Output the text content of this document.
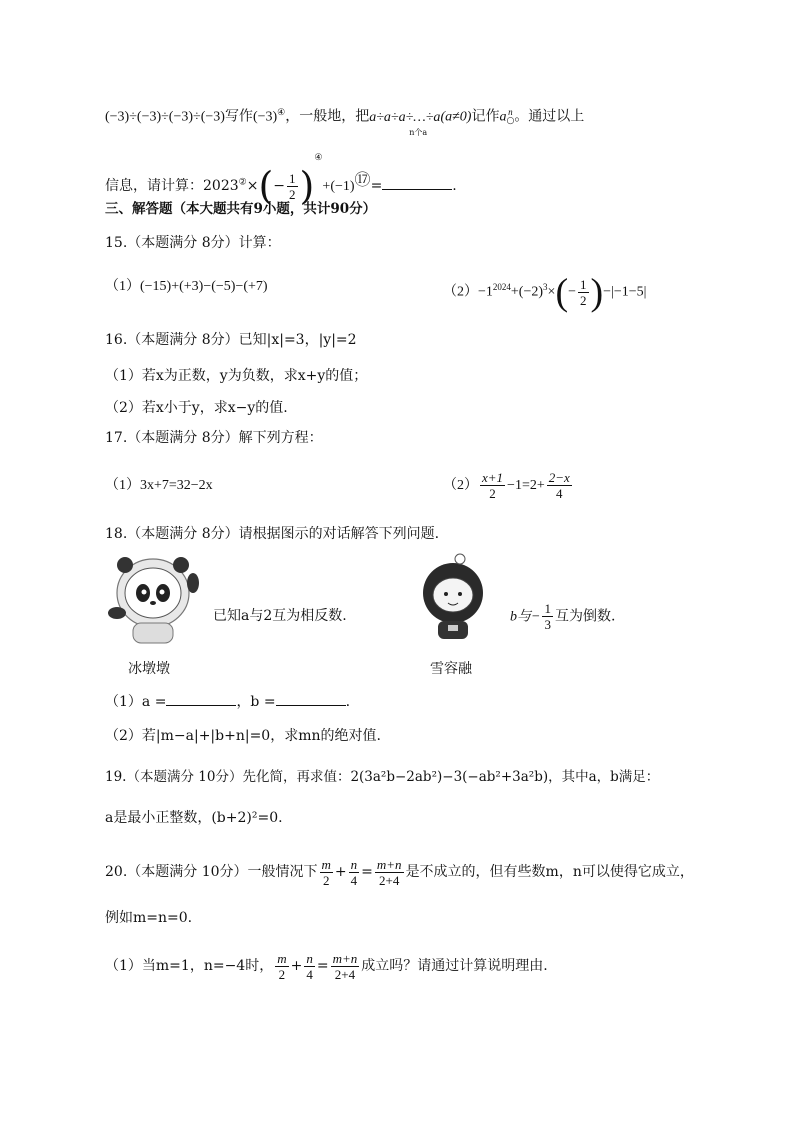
(−3)÷(−3)÷(−3)÷(−3)写作(−3)④，一般地，把a÷a÷a÷…÷a
n个a
(a≠0)记作a n
○ 。通过以上
信息，请计算：$2023^②\times(- \frac{1}{2}$ )④+(−1)⑰=	.
三、解答题（本大题共有9小题，共计90分）
15.（本题满分 8分）计算：
（1）(−15)+(+3)−(−5)−(+7)	$(2)-1^{2024}+(-2)^3\times(- \frac{1}{2} )-|-1-5|$
16.（本题满分 8分）已知|x|=3，|y|=2
（1）若x为正数，y为负数，求x+y的值；
（2）若x小于y，求x−y的值.
17.（本题满分 8分）解下列方程：
（1）3x+7=32−2x	$(2) \frac{x+1}{2} -1=2+ \frac{2-x}{4}$
18.（本题满分 8分）请根据图示的对话解答下列问题.
已知a与2互为相反数.	b与− $\frac{1}{3}$ 互为倒数.
冰墩墩	雪容融
（1）a =	，b =	.
（2）若|m−a|+|b+n|=0，求mn的绝对值.
19.（本题满分 10分）先化简，再求值：2(3a²b−2ab²)−3(−ab²+3a²b)，其中a，b满足：
a是最小正整数，(b+2)²=0.
20.（本题满分 10分）一般情况下 $\frac{m}{2} + \frac{n}{4} = \frac{m+n}{2+4}$ 是不成立的，但有些数m，n可以使得它成立，
例如m=n=0.
（1）当m=1，n=−4时， $\frac{m}{2} + \frac{n}{4} = \frac{m+n}{2+4}$ 成立吗？请通过计算说明理由.
